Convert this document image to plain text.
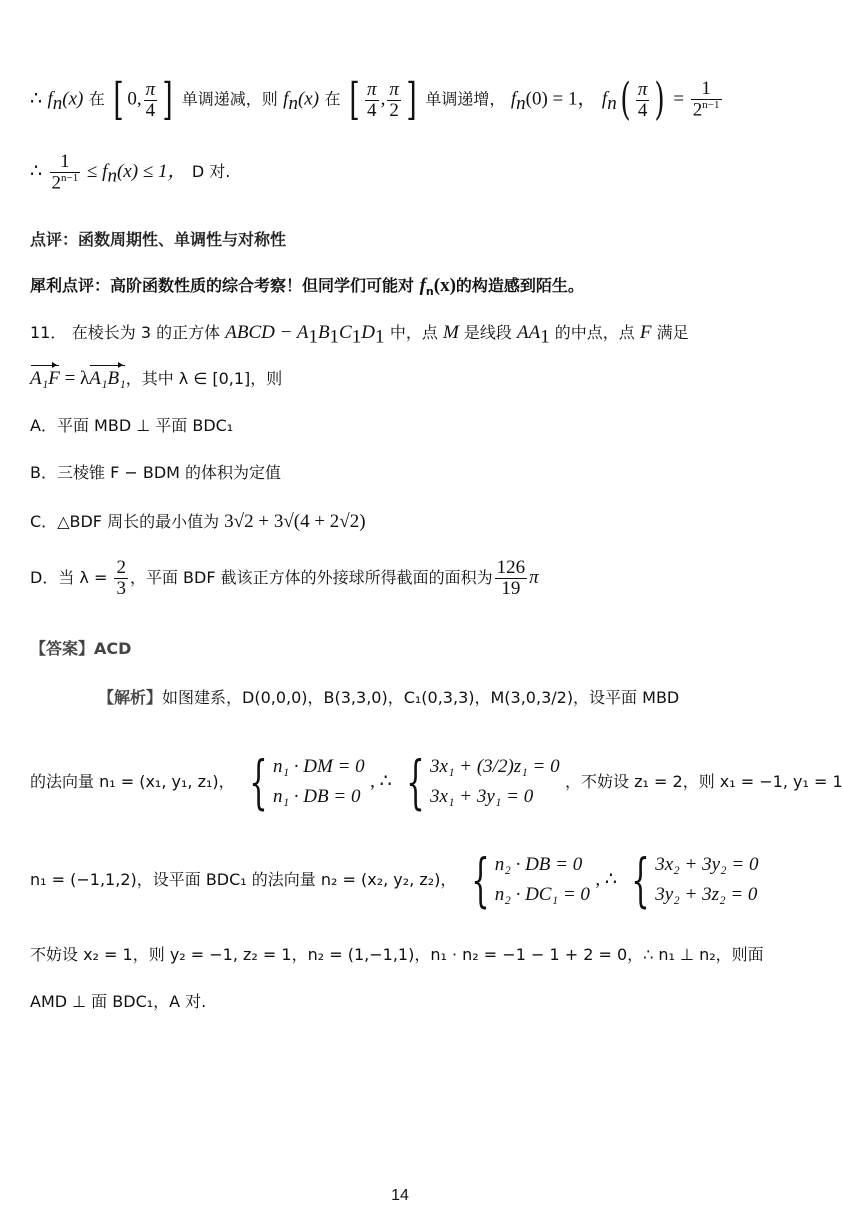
∴ $f_n(x)$ 在 [ 0, $\frac{\pi}{4}$ ] 单调递减，则 $f_n(x)$ 在 [ $\frac{\pi}{4}$ , $\frac{\pi}{2}$ ] 单调递增， $f_n(0) = 1$， $f_n( \frac{\pi}{4}$ ) = $\frac{1}{2^{n-1}}$
∴ $\frac{1}{2^{n-1}} \le f_n(x) \le 1$， D 对.
点评：函数周期性、单调性与对称性
犀利点评：高阶函数性质的综合考察！但同学们可能对 $f_n(x)$的构造感到陌生。
11． 在棱长为 3 的正方体 ABCD − $A_1B_1C_1D_1$ 中，点 M 是线段 $AA_1$ 的中点，点 F 满足
A₁F = λA₁B₁，其中 λ ∈ [0,1]，则
A．平面 MBD ⊥ 平面 BDC₁
B．三棱锥 F − BDM 的体积为定值
C．△BDF 周长的最小值为 3√2 + 3√(4 + 2√2)
D．当 $\lambda = \frac{2}{3}$ ，平面 BDF 截该正方体的外接球所得截面的面积为 $\frac{126}{19}$ π
【答案】ACD
【解析】如图建系，D(0,0,0)，B(3,3,0)，C₁(0,3,3)，M(3,0,3/2)，设平面 MBD
的法向量 n₁ = (x₁, y₁, z₁)， { n₁ · DM = 0
n₁ · DB = 0
, ∴ { 3x₁ + (3/2)z₁ = 0
3x₁ + 3y₁ = 0
，不妨设 z₁ = 2，则 x₁ = −1, y₁ = 1
n₁ = (−1,1,2)，设平面 BDC₁ 的法向量 n₂ = (x₂, y₂, z₂)， { n₂ · DB = 0
n₂ · DC₁ = 0
, ∴ { 3x₂ + 3y₂ = 0
3y₂ + 3z₂ = 0
不妨设 x₂ = 1，则 y₂ = −1, z₂ = 1，n₂ = (1,−1,1)，n₁ · n₂ = −1 − 1 + 2 = 0，∴ n₁ ⊥ n₂，则面
AMD ⊥ 面 BDC₁，A 对.
14
